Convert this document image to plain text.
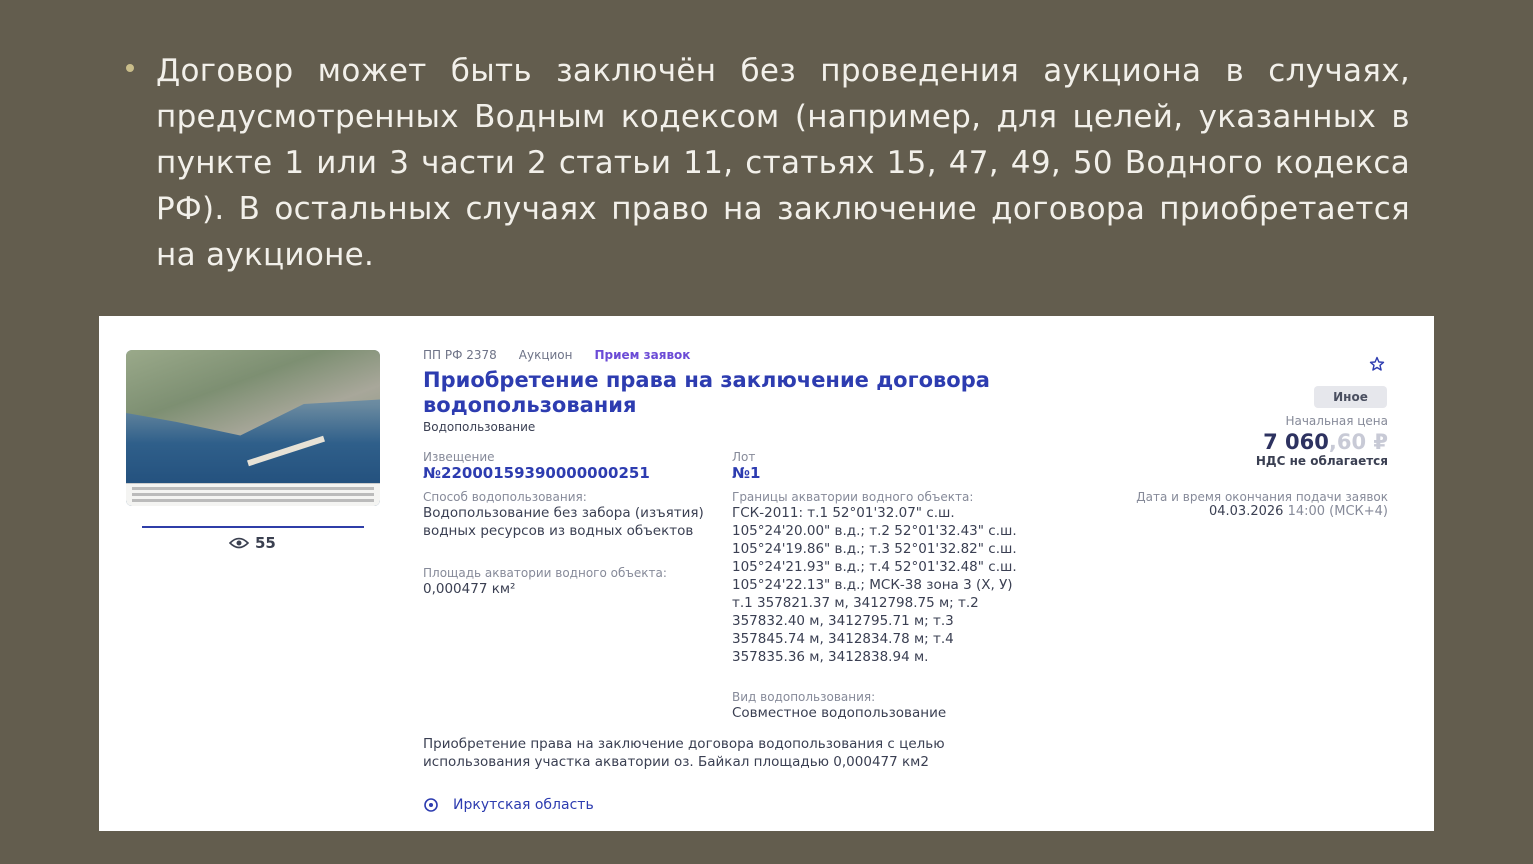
Договор может быть заключён без проведения аукциона в случаях, предусмотренных Водным кодексом (например, для целей, указанных в пункте 1 или 3 части 2 статьи 11, статьях 15, 47, 49, 50 Водного кодекса РФ). В остальных случаях право на заключение договора приобретается на аукционе.

55
ПП РФ 2378 Аукцион Прием заявок
Приобретение права на заключение договора водопользования
Водопользование
Извещение
№22000159390000000251
Лот
№1
Способ водопользования:
Водопользование без забора (изъятия) водных ресурсов из водных объектов
Площадь акватории водного объекта:
0,000477 км²
Границы акватории водного объекта:
ГСК-2011: т.1 52°01'32.07" с.ш. 105°24'20.00" в.д.; т.2 52°01'32.43" с.ш. 105°24'19.86" в.д.; т.3 52°01'32.82" с.ш. 105°24'21.93" в.д.; т.4 52°01'32.48" с.ш. 105°24'22.13" в.д.; МСК-38 зона 3 (Х, У) т.1 357821.37 м, 3412798.75 м; т.2 357832.40 м, 3412795.71 м; т.3 357845.74 м, 3412834.78 м; т.4 357835.36 м, 3412838.94 м.
Вид водопользования:
Совместное водопользование
Приобретение права на заключение договора водопользования с целью использования участка акватории оз. Байкал площадью 0,000477 км2
Иркутская область
Иное
Начальная цена
7 060,60 ₽
НДС не облагается
Дата и время окончания подачи заявок
04.03.2026 14:00 (МСК+4)
